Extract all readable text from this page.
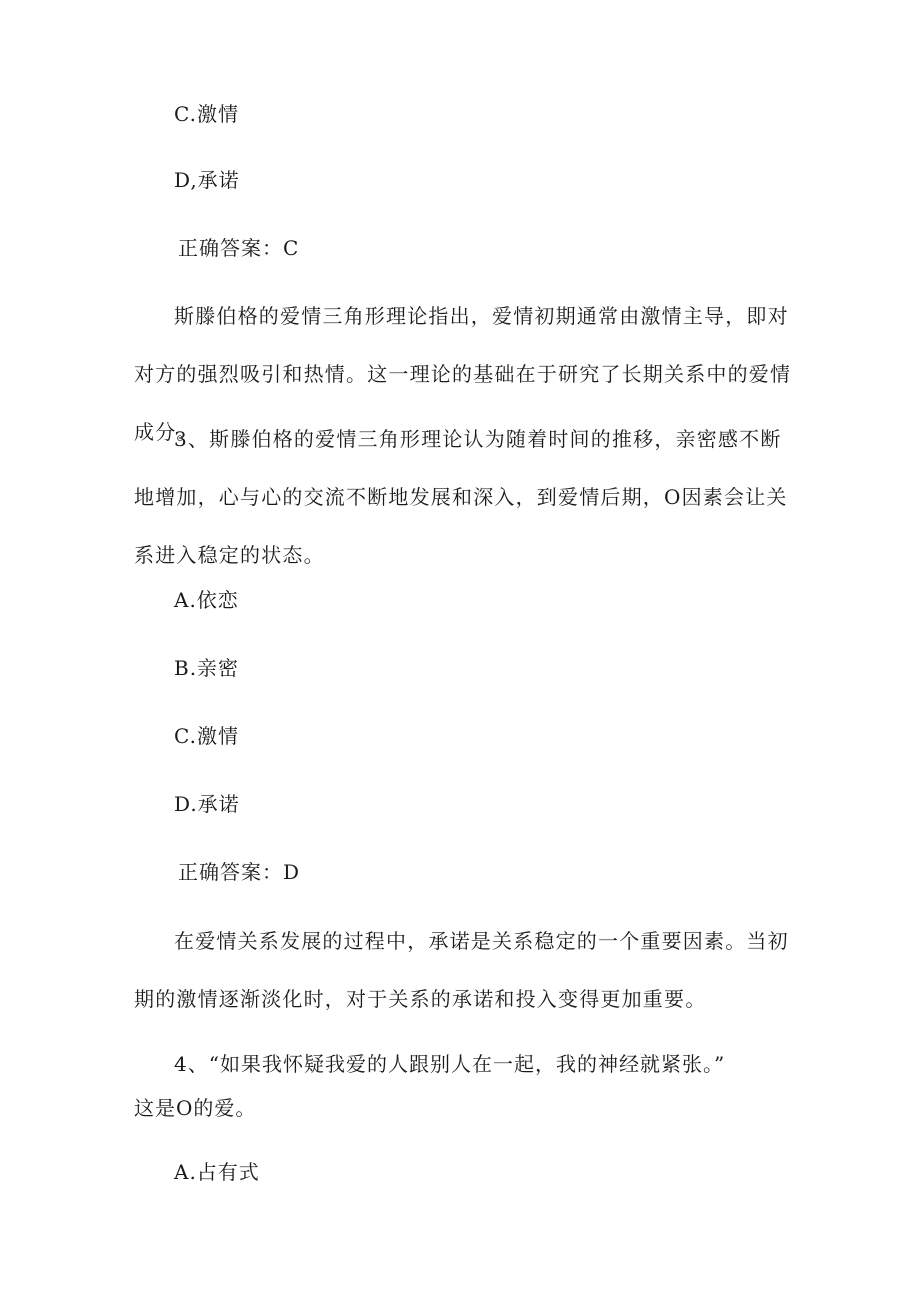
C.激情
D,承诺
正确答案：C
斯滕伯格的爱情三角形理论指出，爱情初期通常由激情主导，即对对方的强烈吸引和热情。这一理论的基础在于研究了长期关系中的爱情成分。
3、斯滕伯格的爱情三角形理论认为随着时间的推移，亲密感不断地增加，心与心的交流不断地发展和深入，到爱情后期，O因素会让关系进入稳定的状态。
A.依恋
B.亲密
C.激情
D.承诺
正确答案：D
在爱情关系发展的过程中，承诺是关系稳定的一个重要因素。当初期的激情逐渐淡化时，对于关系的承诺和投入变得更加重要。
4、“如果我怀疑我爱的人跟别人在一起，我的神经就紧张。”
这是O的爱。
A.占有式
